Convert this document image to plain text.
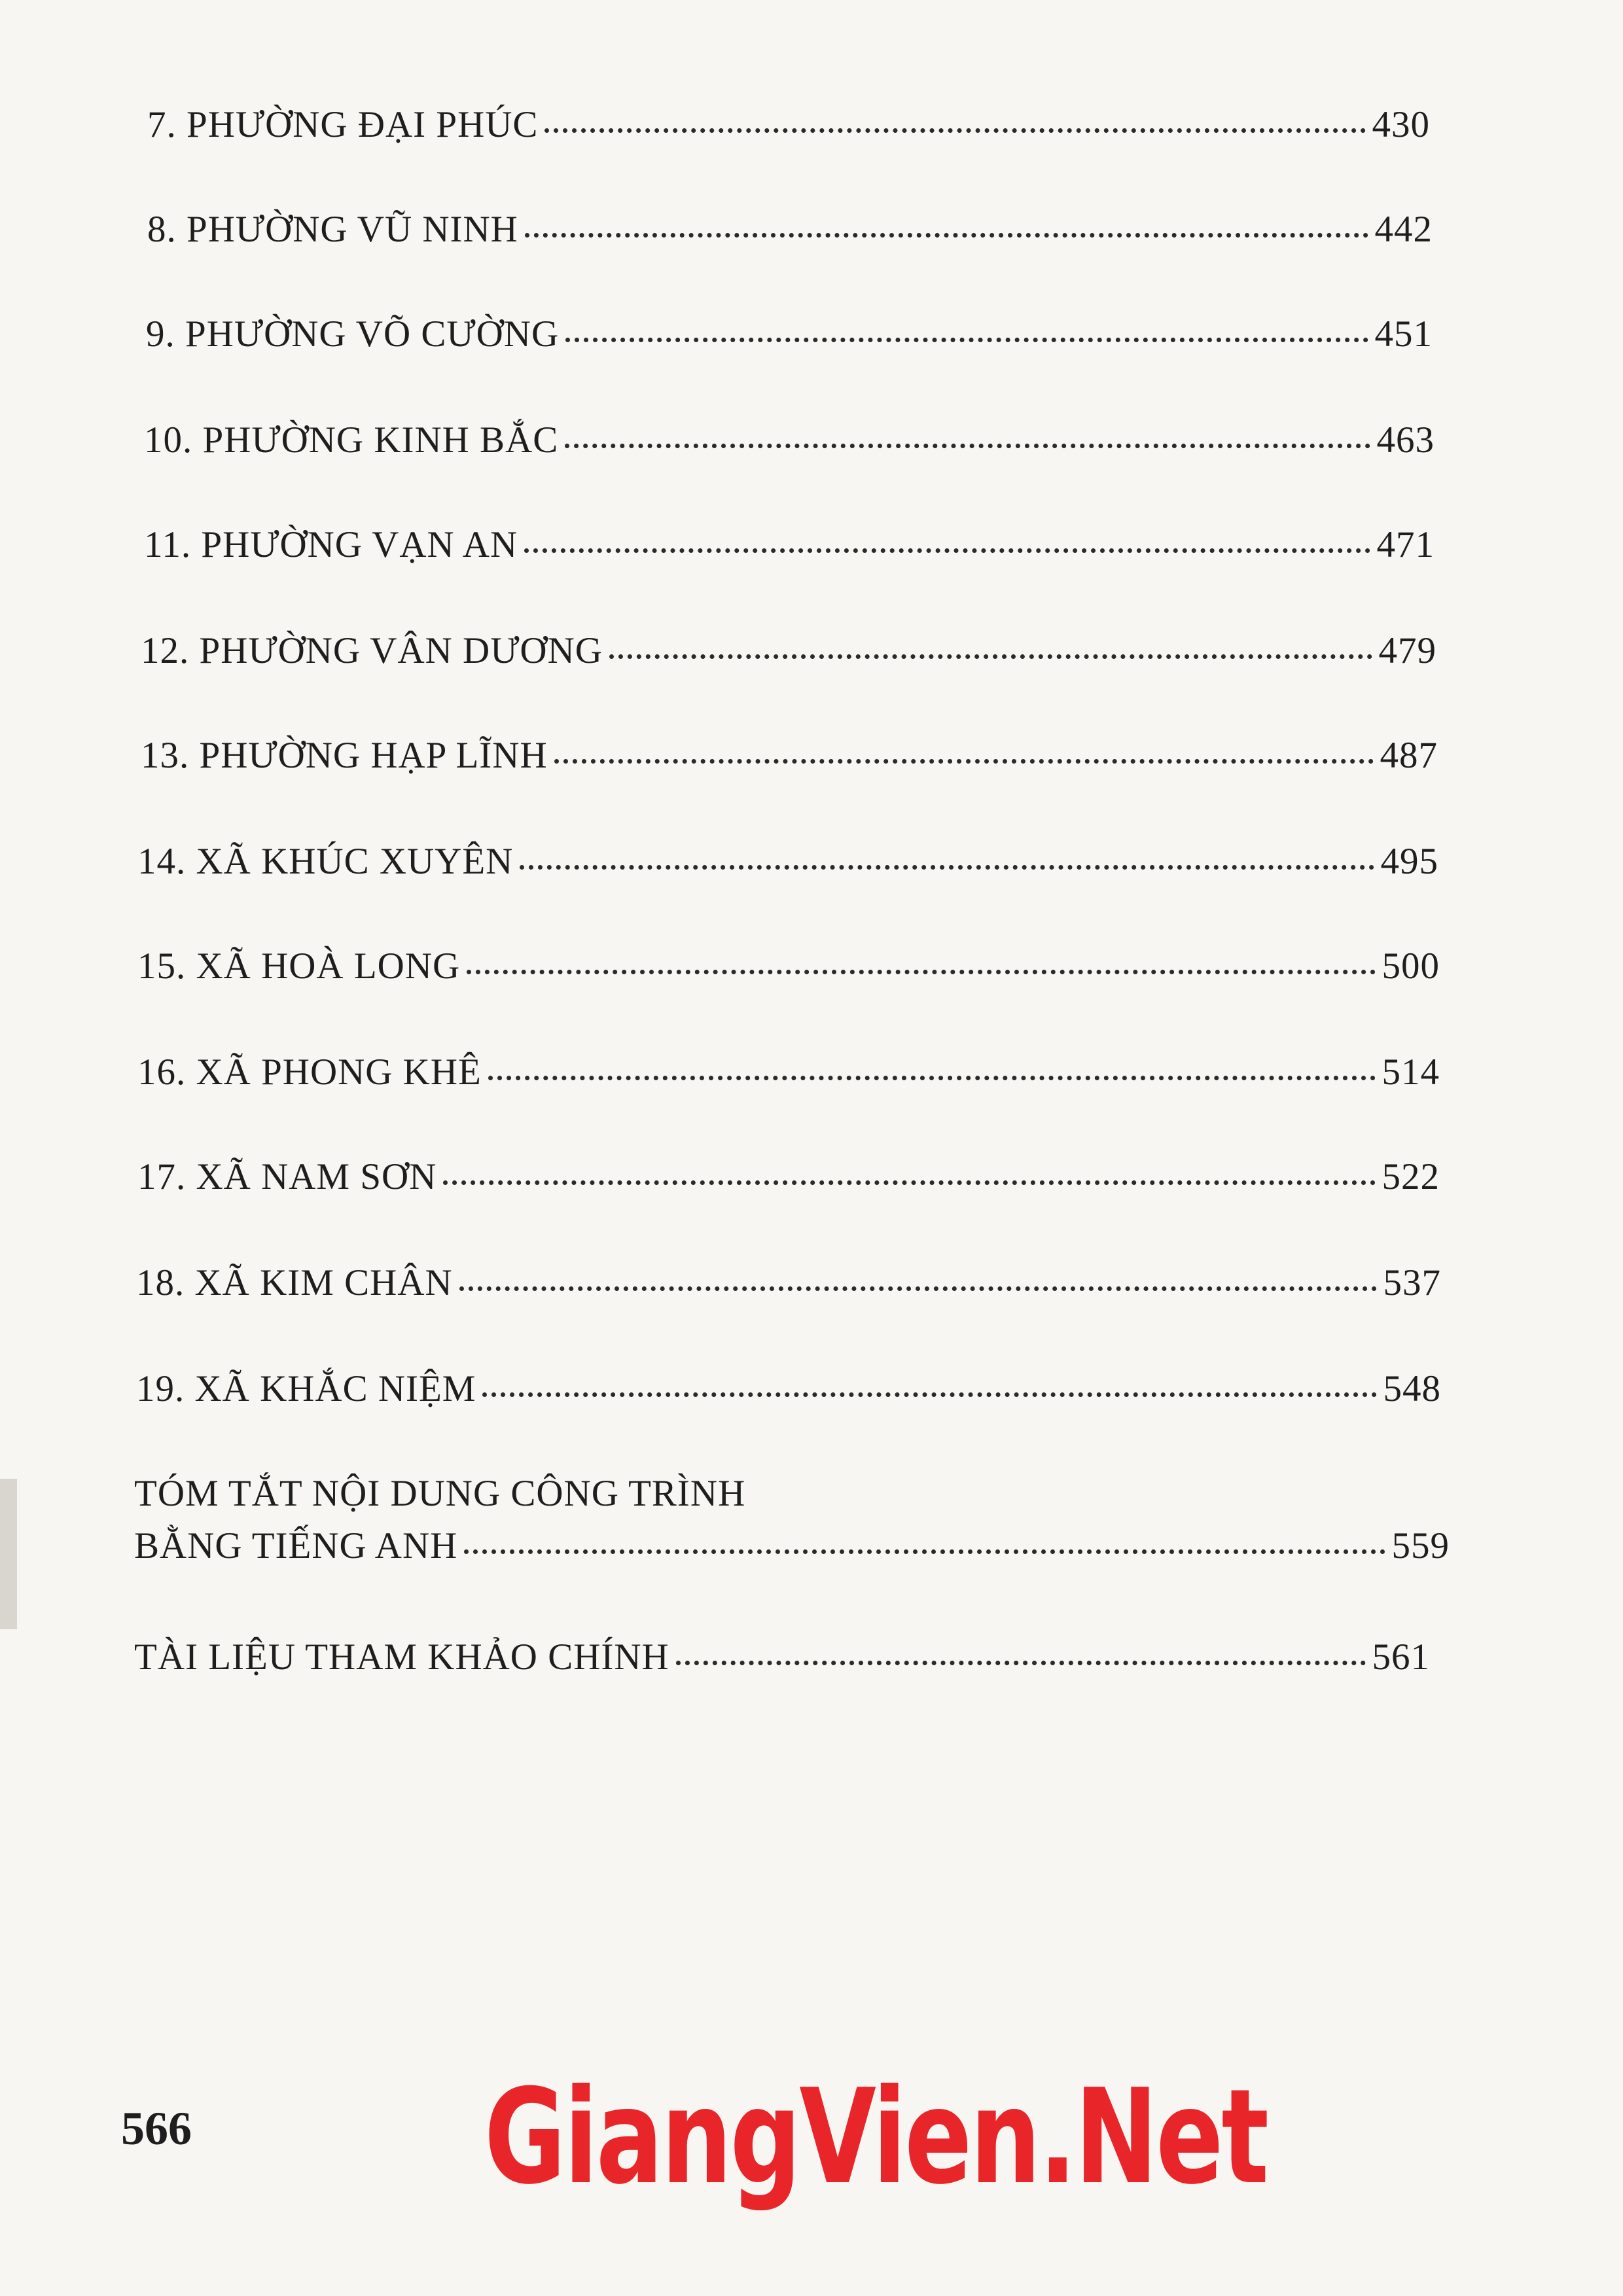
7. PHƯỜNG ĐẠI PHÚC	430
8. PHƯỜNG VŨ NINH	442
9. PHƯỜNG VÕ CƯỜNG	451
10. PHƯỜNG KINH BẮC	463
11. PHƯỜNG VẠN AN	471
12. PHƯỜNG VÂN DƯƠNG	479
13. PHƯỜNG HẠP LĨNH	487
14. XÃ KHÚC XUYÊN	495
15. XÃ HOÀ LONG	500
16. XÃ PHONG KHÊ	514
17. XÃ NAM SƠN	522
18. XÃ KIM CHÂN	537
19. XÃ KHẮC NIỆM	548
TÓM TẮT NỘI DUNG CÔNG TRÌNH
BẰNG TIẾNG ANH	559
TÀI LIỆU THAM KHẢO CHÍNH	561
566 GiangVien.Net
